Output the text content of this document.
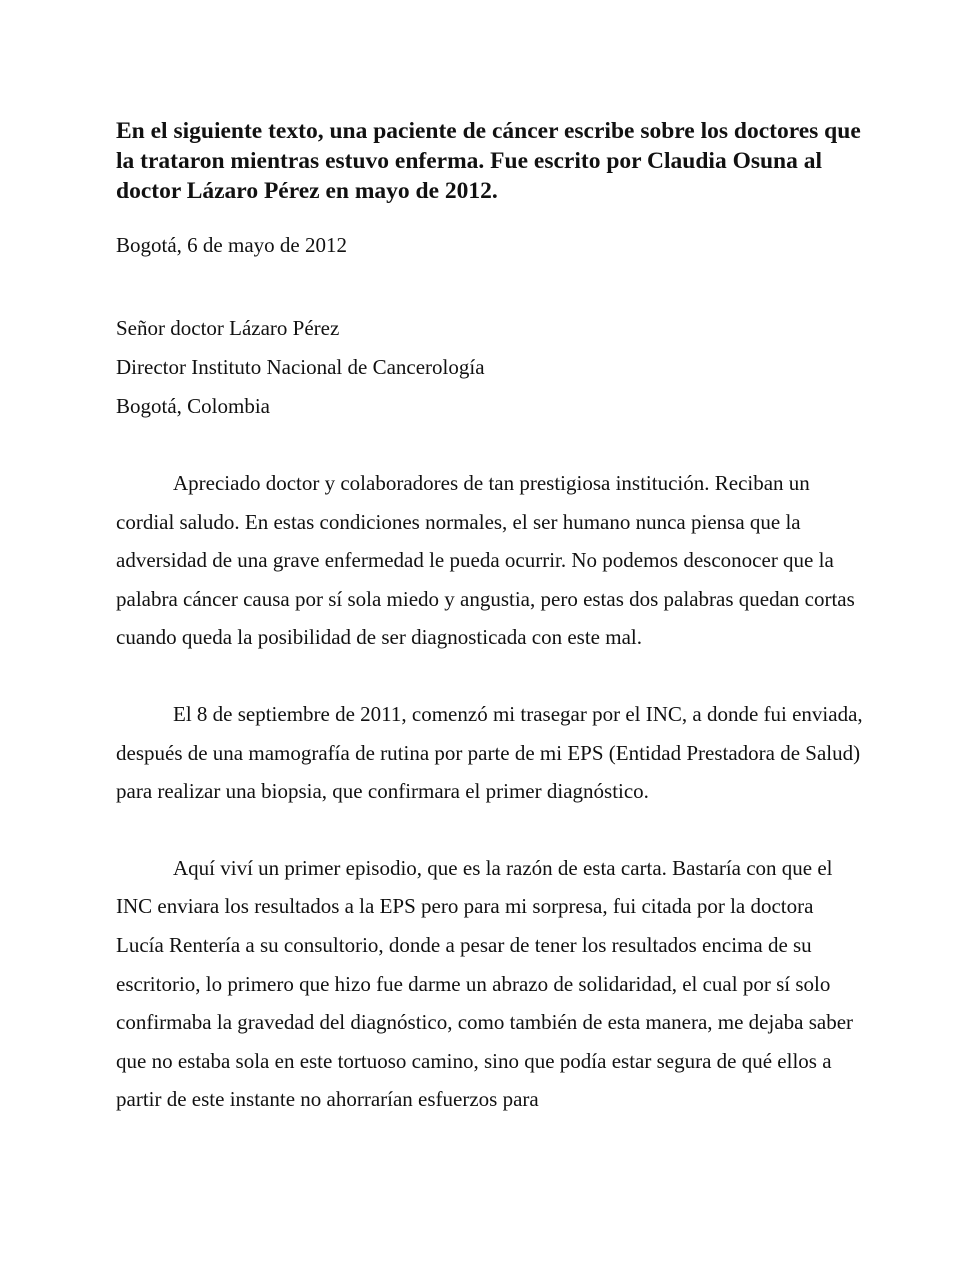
En el siguiente texto, una paciente de cáncer escribe sobre los doctores que la trataron mientras estuvo enferma. Fue escrito por Claudia Osuna al doctor Lázaro Pérez en mayo de 2012.

Bogotá, 6 de mayo de 2012

Señor doctor Lázaro Pérez
Director Instituto Nacional de Cancerología
Bogotá, Colombia

Apreciado doctor y colaboradores de tan prestigiosa institución. Reciban un cordial saludo. En estas condiciones normales, el ser humano nunca piensa que la adversidad de una grave enfermedad le pueda ocurrir. No podemos desconocer que la palabra cáncer causa por sí sola miedo y angustia, pero estas dos palabras quedan cortas cuando queda la posibilidad de ser diagnosticada con este mal.

El 8 de septiembre de 2011, comenzó mi trasegar por el INC, a donde fui enviada, después de una mamografía de rutina por parte de mi EPS (Entidad Prestadora de Salud) para realizar una biopsia, que confirmara el primer diagnóstico.

Aquí viví un primer episodio, que es la razón de esta carta. Bastaría con que el INC enviara los resultados a la EPS pero para mi sorpresa, fui citada por la doctora Lucía Rentería a su consultorio, donde a pesar de tener los resultados encima de su escritorio, lo primero que hizo fue darme un abrazo de solidaridad, el cual por sí solo confirmaba la gravedad del diagnóstico, como también de esta manera, me dejaba saber que no estaba sola en este tortuoso camino, sino que podía estar segura de qué ellos a partir de este instante no ahorrarían esfuerzos para
